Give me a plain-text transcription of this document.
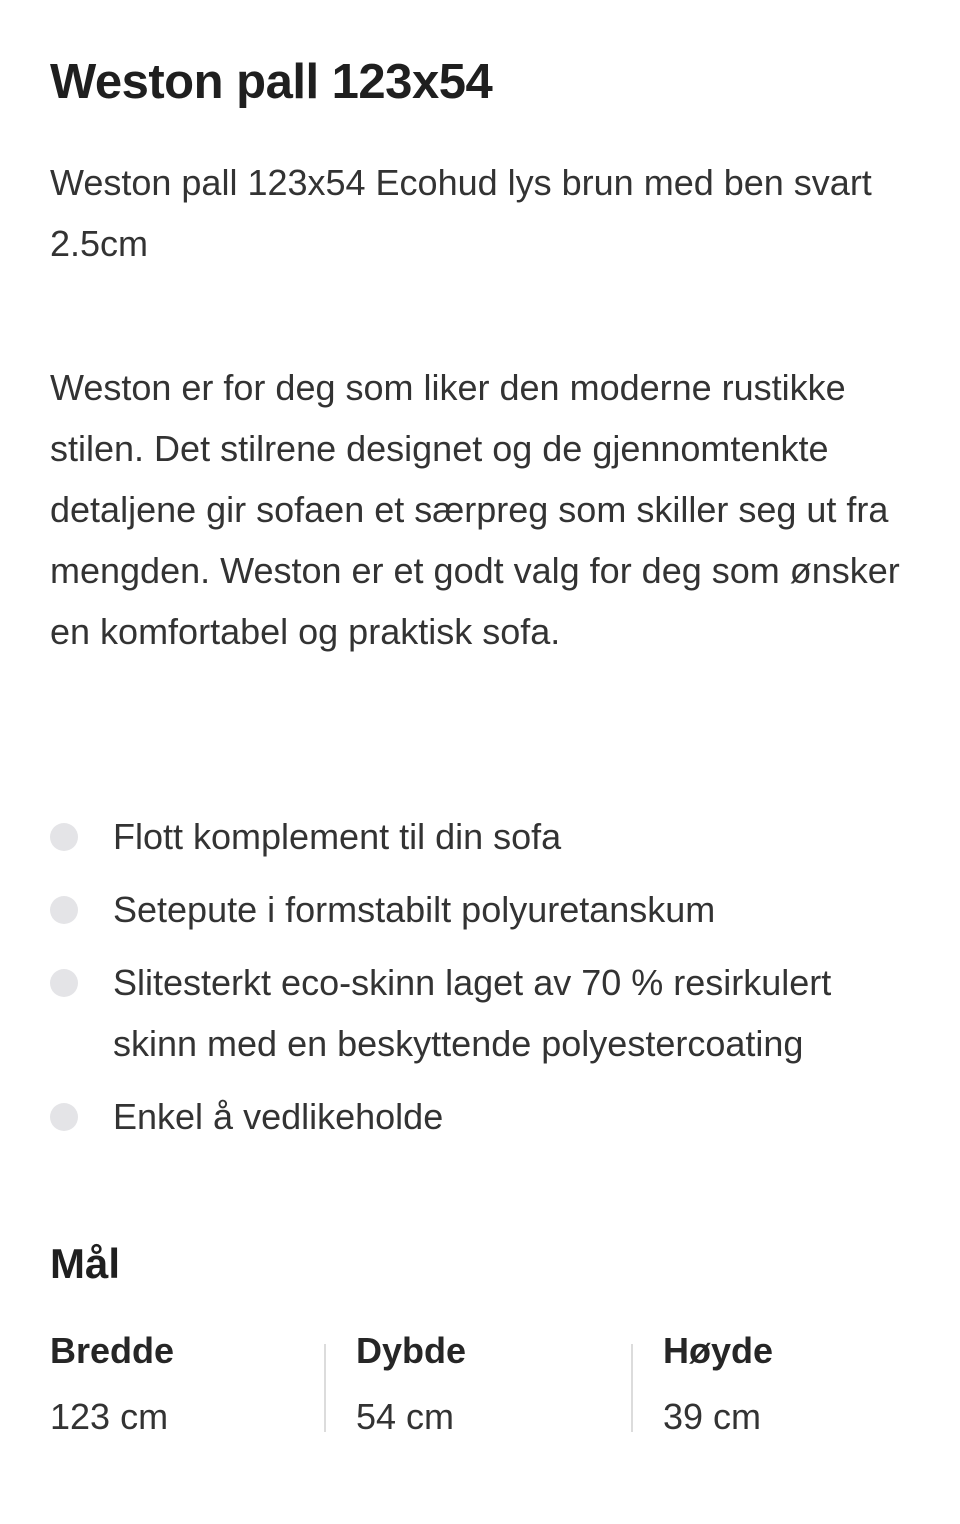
Weston pall 123x54

Weston pall 123x54 Ecohud lys brun med ben svart 2.5cm

Weston er for deg som liker den moderne rustikke stilen. Det stilrene designet og de gjennomtenkte detaljene gir sofaen et særpreg som skiller seg ut fra mengden. Weston er et godt valg for deg som ønsker en komfortabel og praktisk sofa.

Flott komplement til din sofa
Setepute i formstabilt polyuretanskum
Slitesterkt eco-skinn laget av 70 % resirkulert skinn med en beskyttende polyestercoating
Enkel å vedlikeholde
Mål
Bredde
123 cm
Dybde
54 cm
Høyde
39 cm
